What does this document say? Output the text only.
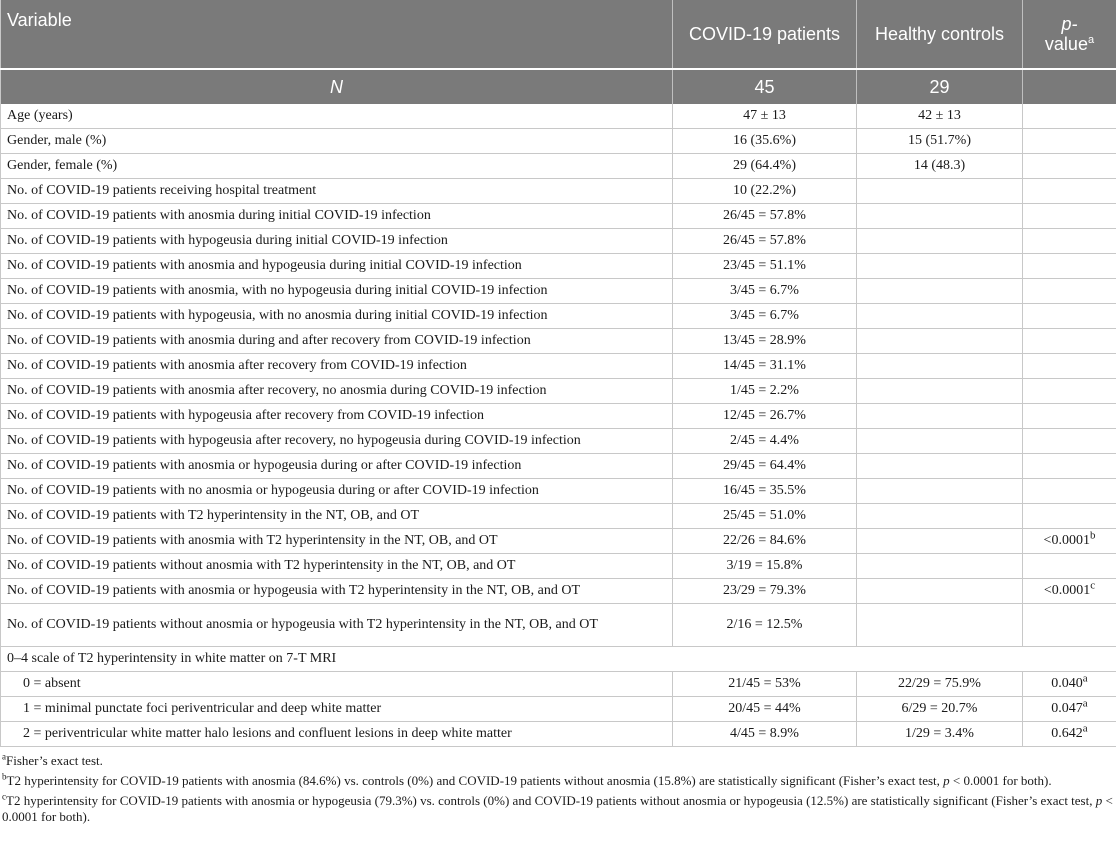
Variable	COVID-19 patients	Healthy controls	p-
value$^a$
N	45	29	
Age (years)	47 ± 13	42 ± 13	
Gender, male (%)	16 (35.6%)	15 (51.7%)	
Gender, female (%)	29 (64.4%)	14 (48.3)	
No. of COVID-19 patients receiving hospital treatment	10 (22.2%)		
No. of COVID-19 patients with anosmia during initial COVID-19 infection	26/45 = 57.8%		
No. of COVID-19 patients with hypogeusia during initial COVID-19 infection	26/45 = 57.8%		
No. of COVID-19 patients with anosmia and hypogeusia during initial COVID-19 infection	23/45 = 51.1%		
No. of COVID-19 patients with anosmia, with no hypogeusia during initial COVID-19 infection	3/45 = 6.7%		
No. of COVID-19 patients with hypogeusia, with no anosmia during initial COVID-19 infection	3/45 = 6.7%		
No. of COVID-19 patients with anosmia during and after recovery from COVID-19 infection	13/45 = 28.9%		
No. of COVID-19 patients with anosmia after recovery from COVID-19 infection	14/45 = 31.1%		
No. of COVID-19 patients with anosmia after recovery, no anosmia during COVID-19 infection	1/45 = 2.2%		
No. of COVID-19 patients with hypogeusia after recovery from COVID-19 infection	12/45 = 26.7%		
No. of COVID-19 patients with hypogeusia after recovery, no hypogeusia during COVID-19 infection	2/45 = 4.4%		
No. of COVID-19 patients with anosmia or hypogeusia during or after COVID-19 infection	29/45 = 64.4%		
No. of COVID-19 patients with no anosmia or hypogeusia during or after COVID-19 infection	16/45 = 35.5%		
No. of COVID-19 patients with T2 hyperintensity in the NT, OB, and OT	25/45 = 51.0%		
No. of COVID-19 patients with anosmia with T2 hyperintensity in the NT, OB, and OT	22/26 = 84.6%		<0.0001$^b$
No. of COVID-19 patients without anosmia with T2 hyperintensity in the NT, OB, and OT	3/19 = 15.8%		
No. of COVID-19 patients with anosmia or hypogeusia with T2 hyperintensity in the NT, OB, and OT	23/29 = 79.3%		<0.0001$^c$
No. of COVID-19 patients without anosmia or hypogeusia with T2 hyperintensity in the NT, OB, and OT	2/16 = 12.5%		
0–4 scale of T2 hyperintensity in white matter on 7-T MRI			
0 = absent	21/45 = 53%	22/29 = 75.9%	0.040$^a$
1 = minimal punctate foci periventricular and deep white matter	20/45 = 44%	6/29 = 20.7%	0.047$^a$
2 = periventricular white matter halo lesions and confluent lesions in deep white matter	4/45 = 8.9%	1/29 = 3.4%	0.642$^a$

$^a$Fisher’s exact test.

$^b$T2 hyperintensity for COVID-19 patients with anosmia (84.6%) vs. controls (0%) and COVID-19 patients without anosmia (15.8%) are statistically significant (Fisher’s exact test, p < 0.0001 for both).

$^c$T2 hyperintensity for COVID-19 patients with anosmia or hypogeusia (79.3%) vs. controls (0%) and COVID-19 patients without anosmia or hypogeusia (12.5%) are statistically significant (Fisher’s exact test, p < 0.0001 for both).
